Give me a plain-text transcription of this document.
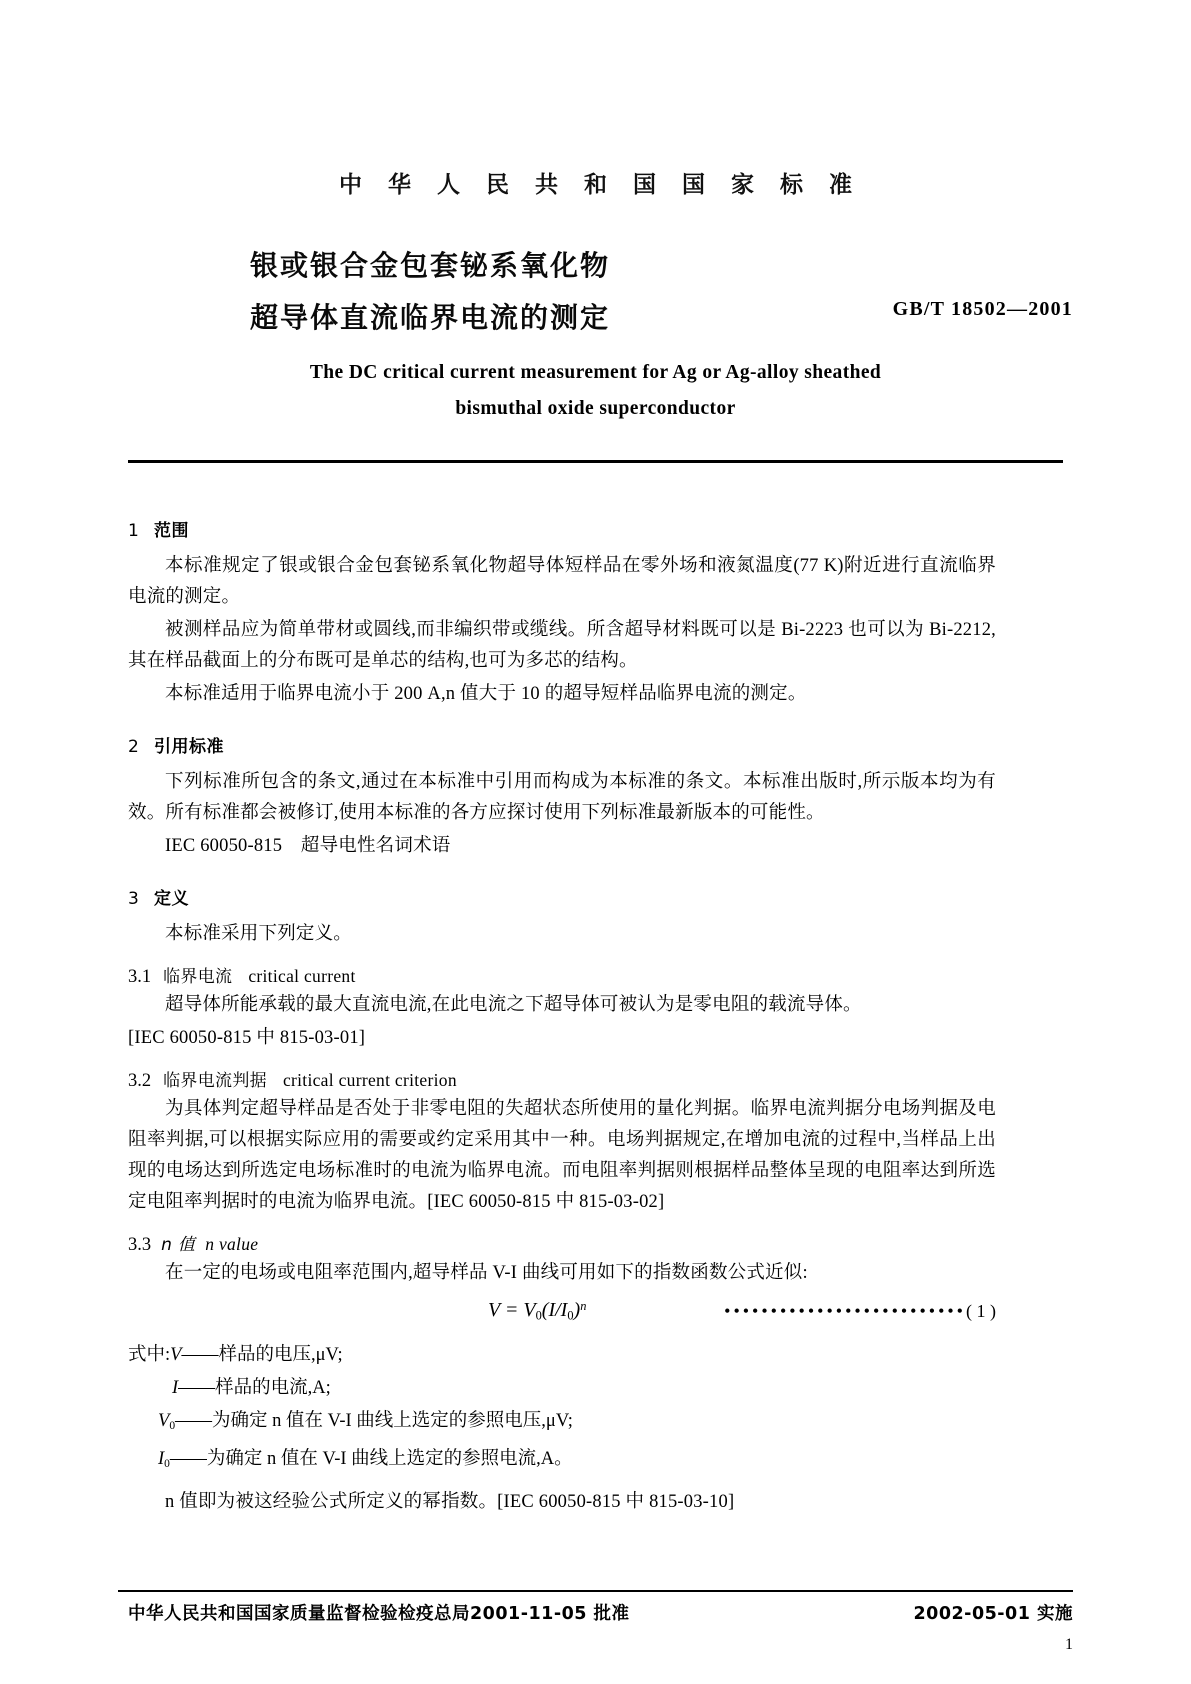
中 华 人 民 共 和 国 国 家 标 准
银或银合金包套铋系氧化物
超导体直流临界电流的测定	GB/T 18502—2001
The DC critical current measurement for Ag or Ag-alloy sheathed
bismuthal oxide superconductor
1 范围

本标准规定了银或银合金包套铋系氧化物超导体短样品在零外场和液氮温度(77 K)附近进行直流临界电流的测定。

被测样品应为简单带材或圆线,而非编织带或缆线。所含超导材料既可以是 Bi-2223 也可以为 Bi-2212,其在样品截面上的分布既可是单芯的结构,也可为多芯的结构。

本标准适用于临界电流小于 200 A,n 值大于 10 的超导短样品临界电流的测定。

2 引用标准

下列标准所包含的条文,通过在本标准中引用而构成为本标准的条文。本标准出版时,所示版本均为有效。所有标准都会被修订,使用本标准的各方应探讨使用下列标准最新版本的可能性。

IEC 60050-815　超导电性名词术语

3 定义

本标准采用下列定义。

3.1 临界电流 critical current

超导体所能承载的最大直流电流,在此电流之下超导体可被认为是零电阻的载流导体。

[IEC 60050-815 中 815-03-01]

3.2 临界电流判据 critical current criterion

为具体判定超导样品是否处于非零电阻的失超状态所使用的量化判据。临界电流判据分电场判据及电阻率判据,可以根据实际应用的需要或约定采用其中一种。电场判据规定,在增加电流的过程中,当样品上出现的电场达到所选定电场标准时的电流为临界电流。而电阻率判据则根据样品整体呈现的电阻率达到所选定电阻率判据时的电流为临界电流。[IEC 60050-815 中 815-03-02]

3.3 n 值 n value

在一定的电场或电阻率范围内,超导样品 V-I 曲线可用如下的指数函数公式近似:

$V = V_0(I/I_0)^n$	••••••••••••••••••••••••••( 1 )
式中:V——样品的电压,μV;
I——样品的电流,A;
$V_0——$为确定 n 值在 V-I 曲线上选定的参照电压,μV;
$I_0——$为确定 n 值在 V-I 曲线上选定的参照电流,A。

n 值即为被这经验公式所定义的幂指数。[IEC 60050-815 中 815-03-10]

中华人民共和国国家质量监督检验检疫总局2001-11-05 批准	2002-05-01 实施
1
